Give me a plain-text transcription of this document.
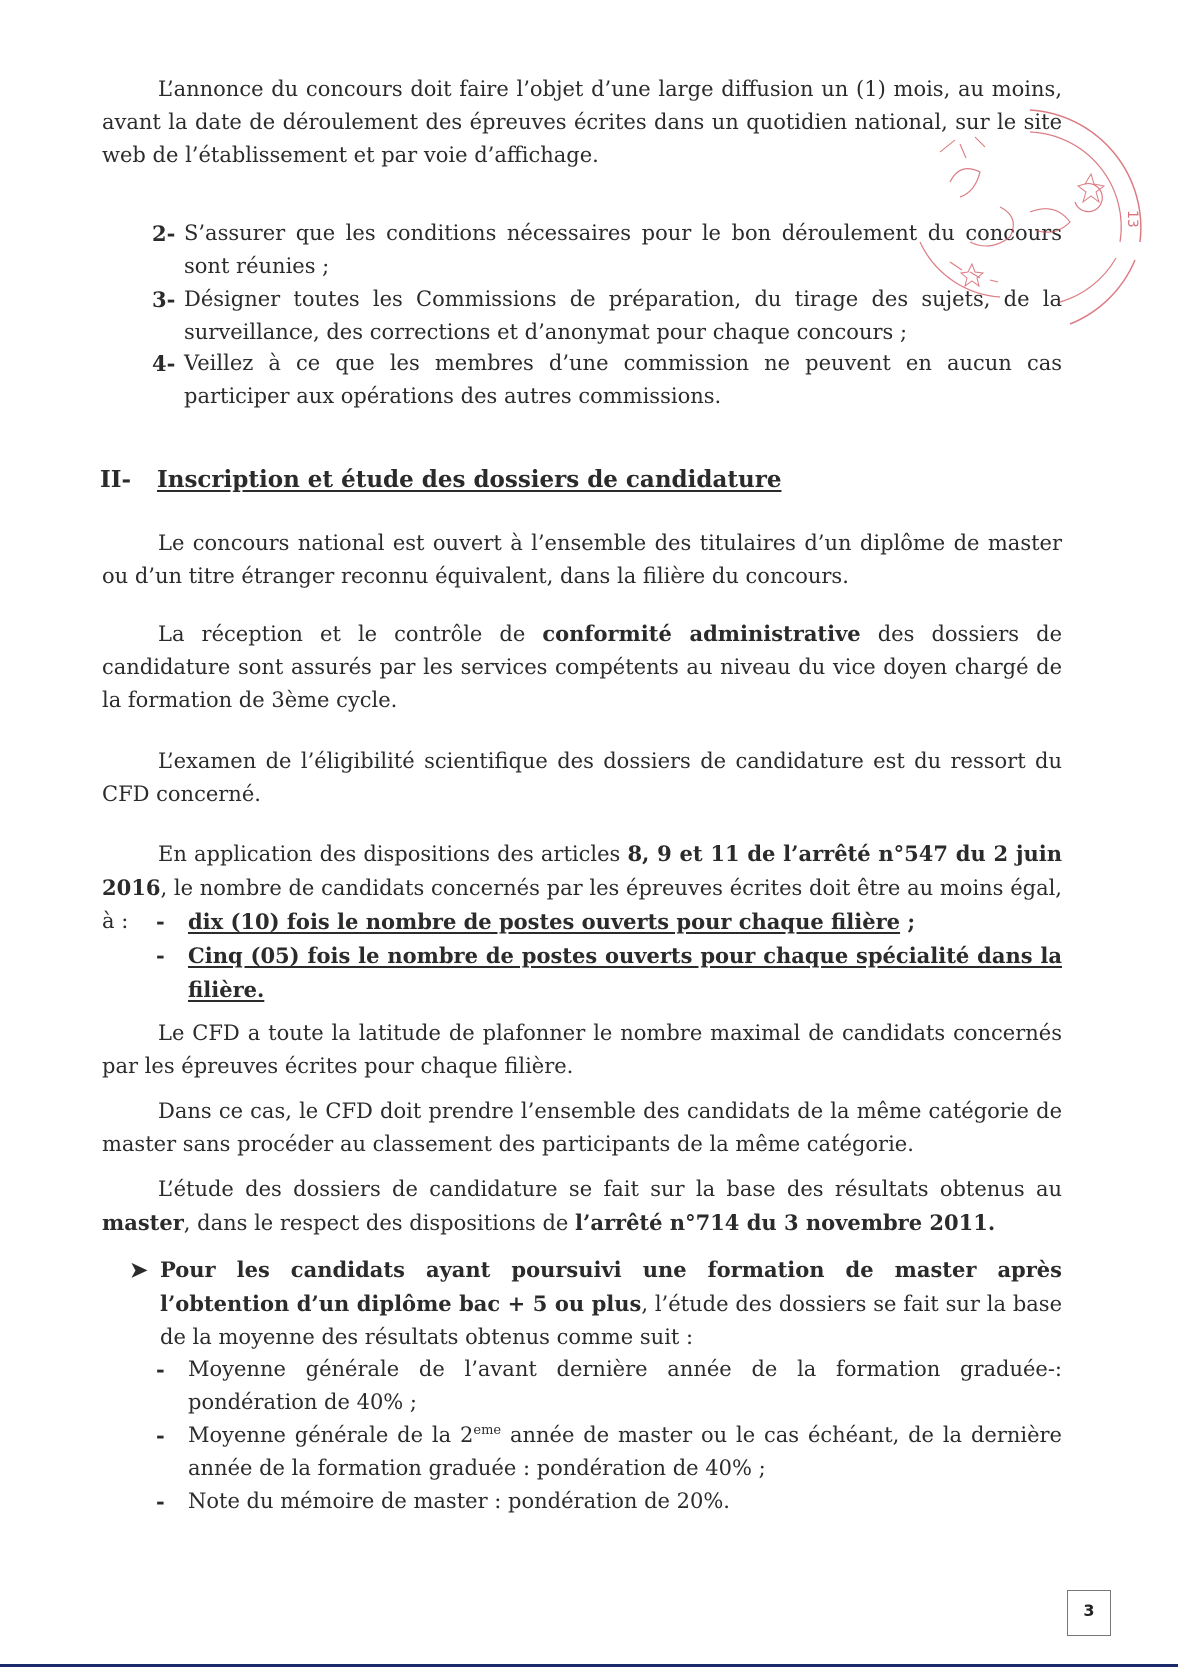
L’annonce du concours doit faire l’objet d’une large diffusion un (1) mois, au moins, avant la date de déroulement des épreuves écrites dans un quotidien national, sur le site web de l’établissement et par voie d’affichage.
2- S’assurer que les conditions nécessaires pour le bon déroulement du concours sont réunies ;
3- Désigner toutes les Commissions de préparation, du tirage des sujets, de la surveillance, des corrections et d’anonymat pour chaque concours ;
4- Veillez à ce que les membres d’une commission ne peuvent en aucun cas participer aux opérations des autres commissions.
II- Inscription et étude des dossiers de candidature
Le concours national est ouvert à l’ensemble des titulaires d’un diplôme de master ou d’un titre étranger reconnu équivalent, dans la filière du concours.
La réception et le contrôle de conformité administrative des dossiers de candidature sont assurés par les services compétents au niveau du vice doyen chargé de la formation de 3ème cycle.
L’examen de l’éligibilité scientifique des dossiers de candidature est du ressort du CFD concerné.
En application des dispositions des articles 8, 9 et 11 de l’arrêté n°547 du 2 juin 2016, le nombre de candidats concernés par les épreuves écrites doit être au moins égal, à :	-	dix (10) fois le nombre de postes ouverts pour chaque filière ;
-	Cinq (05) fois le nombre de postes ouverts pour chaque spécialité dans la filière.
Le CFD a toute la latitude de plafonner le nombre maximal de candidats concernés par les épreuves écrites pour chaque filière.
Dans ce cas, le CFD doit prendre l’ensemble des candidats de la même catégorie de master sans procéder au classement des participants de la même catégorie.
L’étude des dossiers de candidature se fait sur la base des résultats obtenus au master, dans le respect des dispositions de l’arrêté n°714 du 3 novembre 2011.
➤ Pour les candidats ayant poursuivi une formation de master après l’obtention d’un diplôme bac + 5 ou plus, l’étude des dossiers se fait sur la base de la moyenne des résultats obtenus comme suit :
-	Moyenne générale de l’avant dernière année de la formation graduée-: pondération de 40% ;
-	Moyenne générale de la 2eme année de master ou le cas échéant, de la dernière année de la formation graduée : pondération de 40% ;
-	Note du mémoire de master : pondération de 20%.
13
3
